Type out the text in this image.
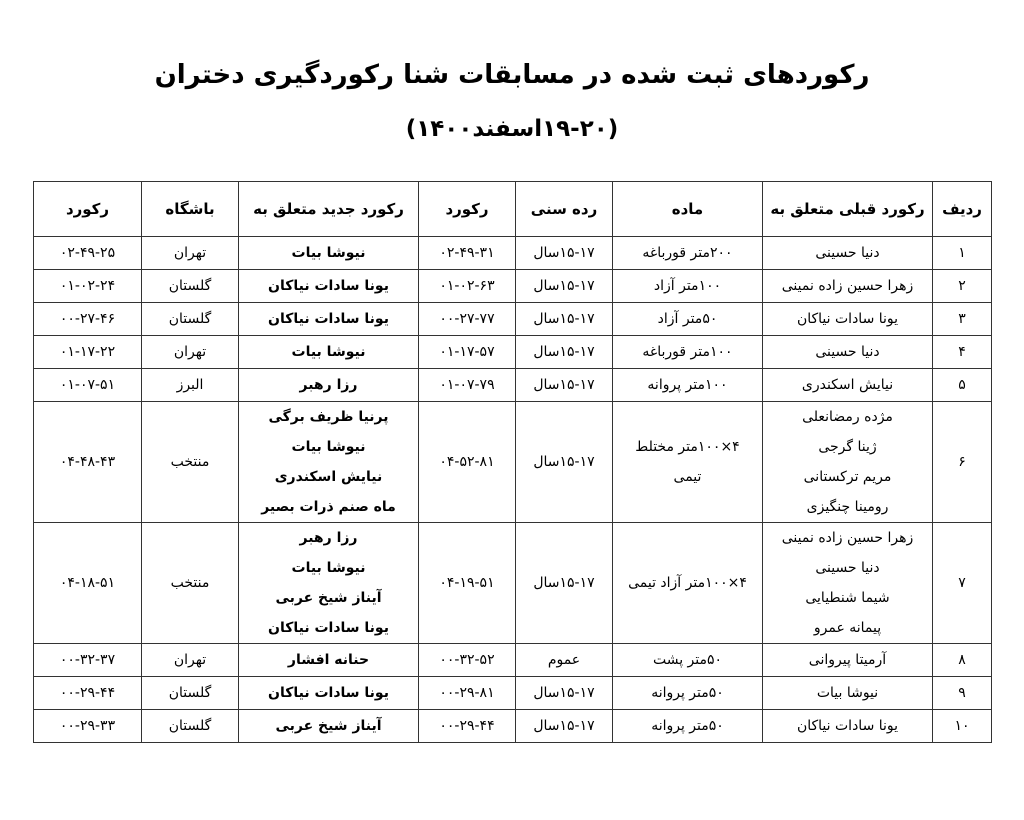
رکوردهای ثبت شده در مسابقات شنا رکوردگیری دختران
(۱۹-۲۰اسفند۱۴۰۰)
ردیف	رکورد قبلی متعلق به	ماده	رده سنی	رکورد	رکورد جدید متعلق به	باشگاه	رکورد
۱	دنیا حسینی	۲۰۰متر قورباغه	۱۵-۱۷سال	۰۲-۴۹-۳۱	نیوشا بیات	تهران	۰۲-۴۹-۲۵
۲	زهرا حسین زاده نمینی	۱۰۰متر آزاد	۱۵-۱۷سال	۰۱-۰۲-۶۳	یونا سادات نیاکان	گلستان	۰۱-۰۲-۲۴
۳	یونا سادات نیاکان	۵۰متر آزاد	۱۵-۱۷سال	۰۰-۲۷-۷۷	یونا سادات نیاکان	گلستان	۰۰-۲۷-۴۶
۴	دنیا حسینی	۱۰۰متر قورباغه	۱۵-۱۷سال	۰۱-۱۷-۵۷	نیوشا بیات	تهران	۰۱-۱۷-۲۲
۵	نیایش اسکندری	۱۰۰متر پروانه	۱۵-۱۷سال	۰۱-۰۷-۷۹	رزا رهبر	البرز	۰۱-۰۷-۵۱
۶	مژده رمضانعلی
ژینا گرجی
مریم ترکستانی
رومینا چنگیزی	۴×۱۰۰متر مختلط
تیمی	۱۵-۱۷سال	۰۴-۵۲-۸۱	پرنیا ظریف برگی
نیوشا بیات
نیایش اسکندری
ماه صنم ذرات بصیر	منتخب	۰۴-۴۸-۴۳
۷	زهرا حسین زاده نمینی
دنیا حسینی
شیما شنطیایی
پیمانه عمرو	۴×۱۰۰متر آزاد تیمی	۱۵-۱۷سال	۰۴-۱۹-۵۱	رزا رهبر
نیوشا بیات
آیناز شیخ عربی
یونا سادات نیاکان	منتخب	۰۴-۱۸-۵۱
۸	آرمیتا پیروانی	۵۰متر پشت	عموم	۰۰-۳۲-۵۲	حنانه افشار	تهران	۰۰-۳۲-۳۷
۹	نیوشا بیات	۵۰متر پروانه	۱۵-۱۷سال	۰۰-۲۹-۸۱	یونا سادات نیاکان	گلستان	۰۰-۲۹-۴۴
۱۰	یونا سادات نیاکان	۵۰متر پروانه	۱۵-۱۷سال	۰۰-۲۹-۴۴	آیناز شیخ عربی	گلستان	۰۰-۲۹-۳۳
